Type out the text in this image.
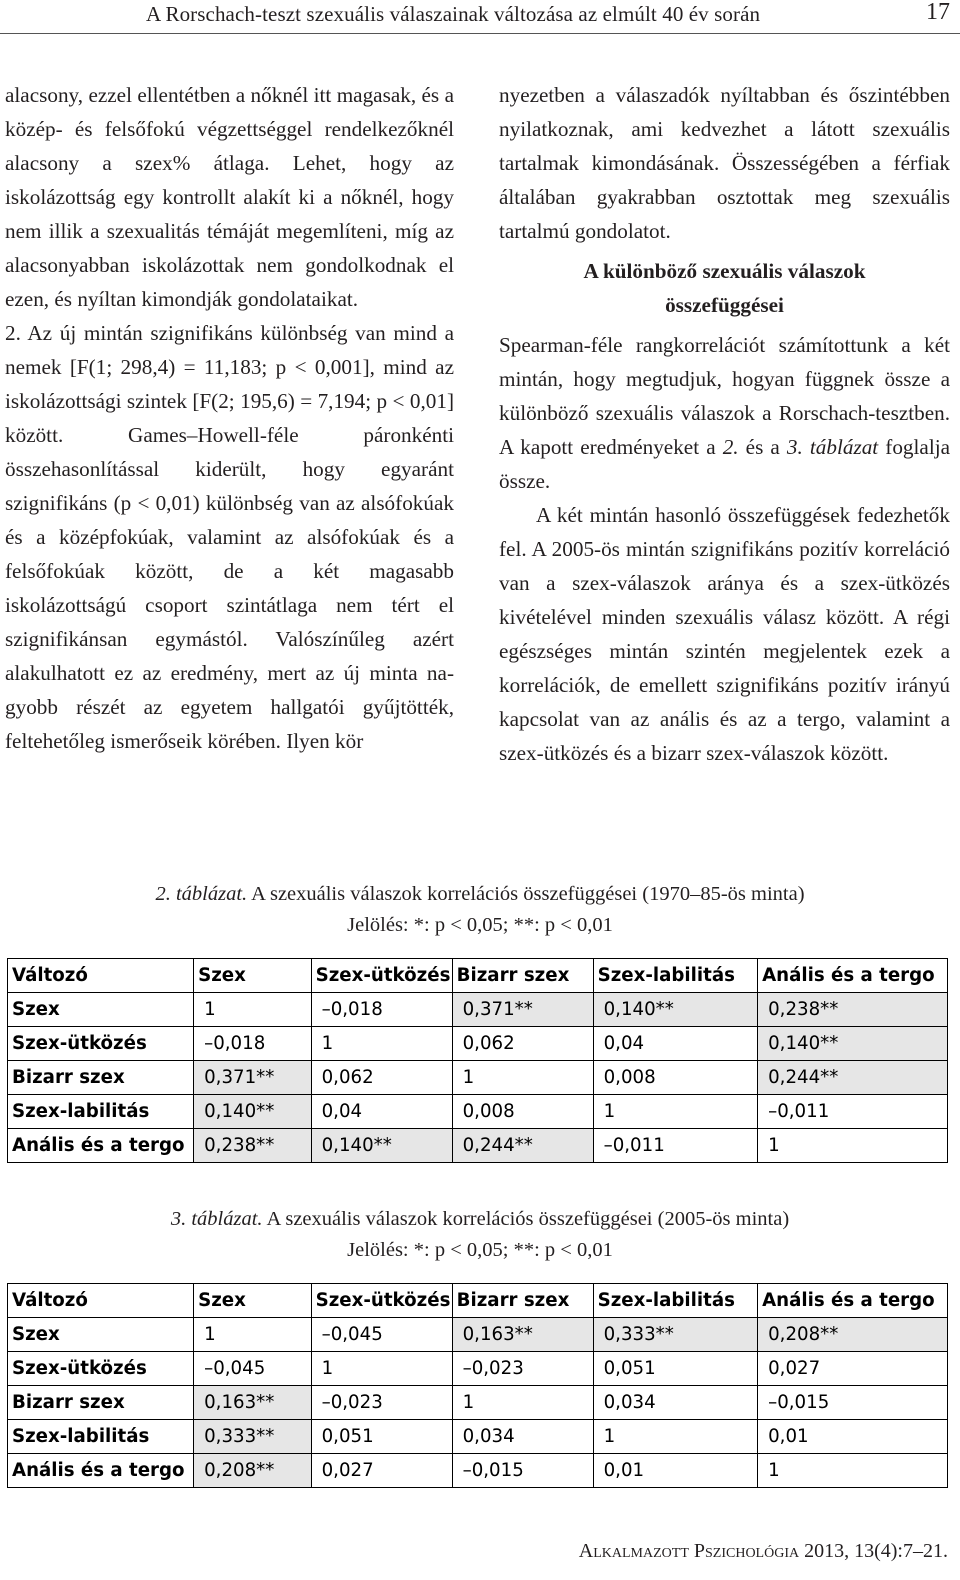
A Rorschach-teszt szexuális válaszainak változása az elmúlt 40 év során	17

alacsony, ezzel ellentétben a nőknél itt magasak, és a közép- és felsőfokú végzettséggel rendelkezőknél alacsony a szex% átlaga. Lehet, hogy az iskolázottság egy kontrollt alakít ki a nőknél, hogy nem illik a szexualitás témáját megemlíteni, míg az alacsonyabban iskolázottak nem gondolkodnak el ezen, és nyíltan kimondják gondolataikat.

2. Az új mintán szignifikáns különbség van mind a nemek [F(1; 298,4) = 11,183; p < 0,001], mind az iskolázottsági szintek [F(2; 195,6) = 7,194; p < 0,01] között. Games–Howell-féle páronkénti összehasonlítással kiderült, hogy egyaránt szignifikáns (p < 0,01) különbség van az alsófokúak és a középfokúak, valamint az alsófokúak és a felsőfokúak között, de a két magasabb iskolázottságú csoport szintátlaga nem tért el szignifikánsan egymástól. Valószínűleg azért alakulhatott ez az eredmény, mert az új minta nagyobb részét az egyetem hallgatói gyűjtötték, feltehetőleg ismerőseik körében. Ilyen kör

nyezetben a válaszadók nyíltabban és őszintébben nyilatkoznak, ami kedvezhet a látott szexuális tartalmak kimondásának. Összességében a férfiak általában gyakrabban osztottak meg szexuális tartalmú gondolatot.

A különböző szexuális válaszok
összefüggései

Spearman-féle rangkorrelációt számítottunk a két mintán, hogy megtudjuk, hogyan függnek össze a különböző szexuális válaszok a Rorschach-tesztben. A kapott eredményeket a 2. és a 3. táblázat foglalja össze.

A két mintán hasonló összefüggések fedezhetők fel. A 2005-ös mintán szignifikáns pozitív korreláció van a szex-válaszok aránya és a szex-ütközés kivételével minden szexuális válasz között. A régi egészséges mintán szintén megjelentek ezek a korrelációk, de emellett szignifikáns pozitív irányú kapcsolat van az anális és az a tergo, valamint a szex-ütközés és a bizarr szex-válaszok között.

2. táblázat. A szexuális válaszok korrelációs összefüggései (1970–85-ös minta)
Jelölés: *: p < 0,05; **: p < 0,01
Változó	Szex	Szex-ütközés	Bizarr szex	Szex-labilitás	Anális és a tergo
Szex	1	–0,018	0,371**	0,140**	0,238**
Szex-ütközés	–0,018	1	0,062	0,04	0,140**
Bizarr szex	0,371**	0,062	1	0,008	0,244**
Szex-labilitás	0,140**	0,04	0,008	1	–0,011
Anális és a tergo	0,238**	0,140**	0,244**	–0,011	1
3. táblázat. A szexuális válaszok korrelációs összefüggései (2005-ös minta)
Jelölés: *: p < 0,05; **: p < 0,01
Változó	Szex	Szex-ütközés	Bizarr szex	Szex-labilitás	Anális és a tergo
Szex	1	–0,045	0,163**	0,333**	0,208**
Szex-ütközés	–0,045	1	–0,023	0,051	0,027
Bizarr szex	0,163**	–0,023	1	0,034	–0,015
Szex-labilitás	0,333**	0,051	0,034	1	0,01
Anális és a tergo	0,208**	0,027	–0,015	0,01	1
Alkalmazott Pszichológia 2013, 13(4):7–21.
